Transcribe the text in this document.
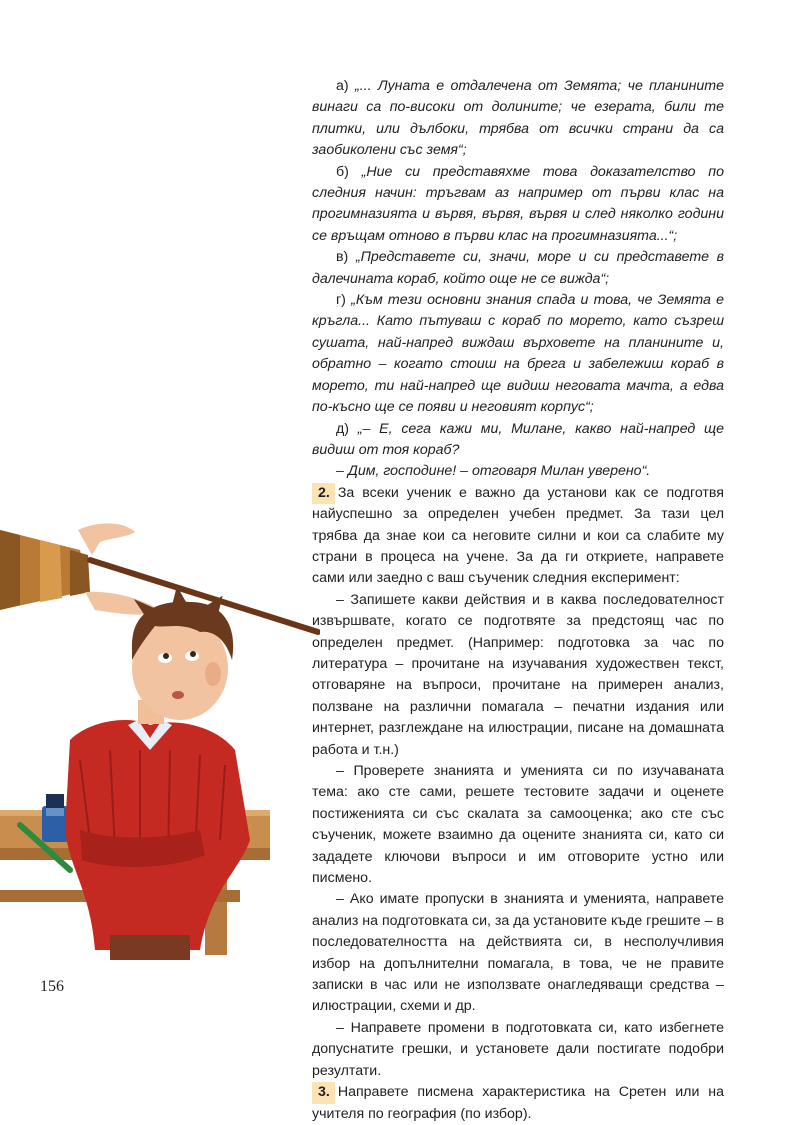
а) „... Луната е отдалечена от Земята; че планините винаги са по-високи от долините; че езерата, били те плитки, или дълбоки, трябва от всички страни да са заобиколени със земя“;

б) „Ние си представяхме това доказателство по следния начин: тръгвам аз например от първи клас на прогимназията и вървя, вървя, вървя и след няколко години се връщам отново в първи клас на прогимназията...“;

в) „Представете си, значи, море и си представете в далечината кораб, който още не се вижда“;

г) „Към тези основни знания спада и това, че Земята е кръгла... Като пътуваш с кораб по морето, като съзреш сушата, най-напред виждаш върховете на планините и, обратно – когато стоиш на брега и забележиш кораб в морето, ти най-напред ще видиш неговата мачта, а едва по-късно ще се появи и неговият корпус“;

д) „– Е, сега кажи ми, Милане, какво най-напред ще видиш от тоя кораб?

– Дим, господине! – отговаря Милан уверено“.

2. За всеки ученик е важно да установи как се подготвя найуспешно за определен учебен предмет. За тази цел трябва да знае кои са неговите силни и кои са слабите му страни в процеса на учене. За да ги откриете, направете сами или заедно с ваш съученик следния експеримент:

– Запишете какви действия и в каква последователност извършвате, когато се подготвяте за предстоящ час по определен предмет. (Например: подготовка за час по литература – прочитане на изучавания художествен текст, отговаряне на въпроси, прочитане на примерен анализ, ползване на различни помагала – печатни издания или интернет, разглеждане на илюстрации, писане на домашната работа и т.н.)

– Проверете знанията и уменията си по изучаваната тема: ако сте сами, решете тестовите задачи и оценете постиженията си със скалата за самооценка; ако сте със съученик, можете взаимно да оцените знанията си, като си зададете ключови въпроси и им отговорите устно или писмено.

– Ако имате пропуски в знанията и уменията, направете анализ на подготовката си, за да установите къде грешите – в последователността на действията си, в несполучливия избор на допълнителни помагала, в това, че не правите записки в час или не използвате онагледяващи средства – илюстрации, схеми и др.

– Направете промени в подготовката си, като избегнете допуснатите грешки, и установете дали постигате подобри резултати.

3. Направете писмена характеристика на Сретен или на учителя по география (по избор).

156
